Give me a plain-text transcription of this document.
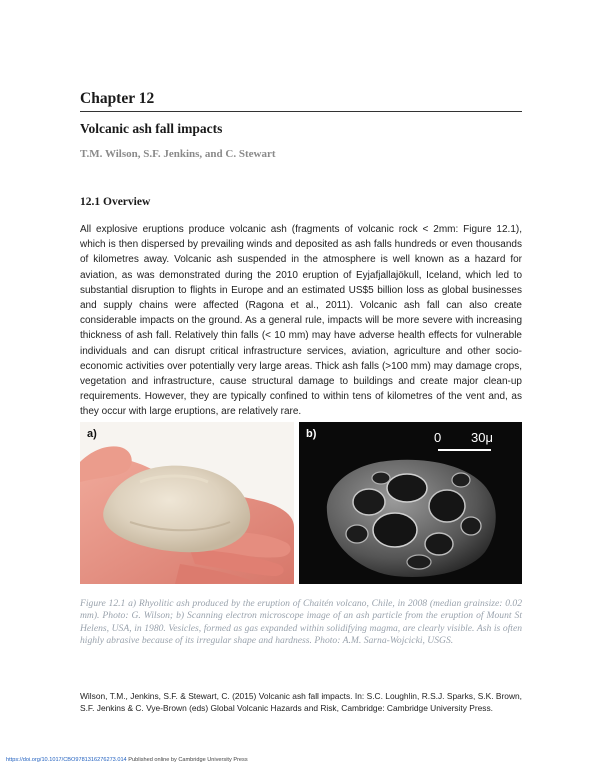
Chapter 12
Volcanic ash fall impacts
T.M. Wilson, S.F. Jenkins, and C. Stewart
12.1 Overview

All explosive eruptions produce volcanic ash (fragments of volcanic rock < 2mm: Figure 12.1), which is then dispersed by prevailing winds and deposited as ash falls hundreds or even thousands of kilometres away. Volcanic ash suspended in the atmosphere is well known as a hazard for aviation, as was demonstrated during the 2010 eruption of Eyjafjallajökull, Iceland, which led to substantial disruption to flights in Europe and an estimated US$5 billion loss as global businesses and supply chains were affected (Ragona et al., 2011). Volcanic ash fall can also create considerable impacts on the ground. As a general rule, impacts will be more severe with increasing thickness of ash fall. Relatively thin falls (< 10 mm) may have adverse health effects for vulnerable individuals and can disrupt critical infrastructure services, aviation, agriculture and other socio-economic activities over potentially very large areas. Thick ash falls (>100 mm) may damage crops, vegetation and infrastructure, cause structural damage to buildings and create major clean-up requirements. However, they are typically confined to within tens of kilometres of the vent and, as they occur with large eruptions, are relatively rare.

a)	b)	0 30μ

Figure 12.1 a) Rhyolitic ash produced by the eruption of Chaitén volcano, Chile, in 2008 (median grainsize: 0.02 mm). Photo: G. Wilson; b) Scanning electron microscope image of an ash particle from the eruption of Mount St Helens, USA, in 1980. Vesicles, formed as gas expanded within solidifying magma, are clearly visible. Ash is often highly abrasive because of its irregular shape and hardness. Photo: A.M. Sarna-Wojcicki, USGS.

Wilson, T.M., Jenkins, S.F. & Stewart, C. (2015) Volcanic ash fall impacts. In: S.C. Loughlin, R.S.J. Sparks, S.K. Brown, S.F. Jenkins & C. Vye-Brown (eds) Global Volcanic Hazards and Risk, Cambridge: Cambridge University Press.

https://doi.org/10.1017/CBO9781316276273.014 Published online by Cambridge University Press
